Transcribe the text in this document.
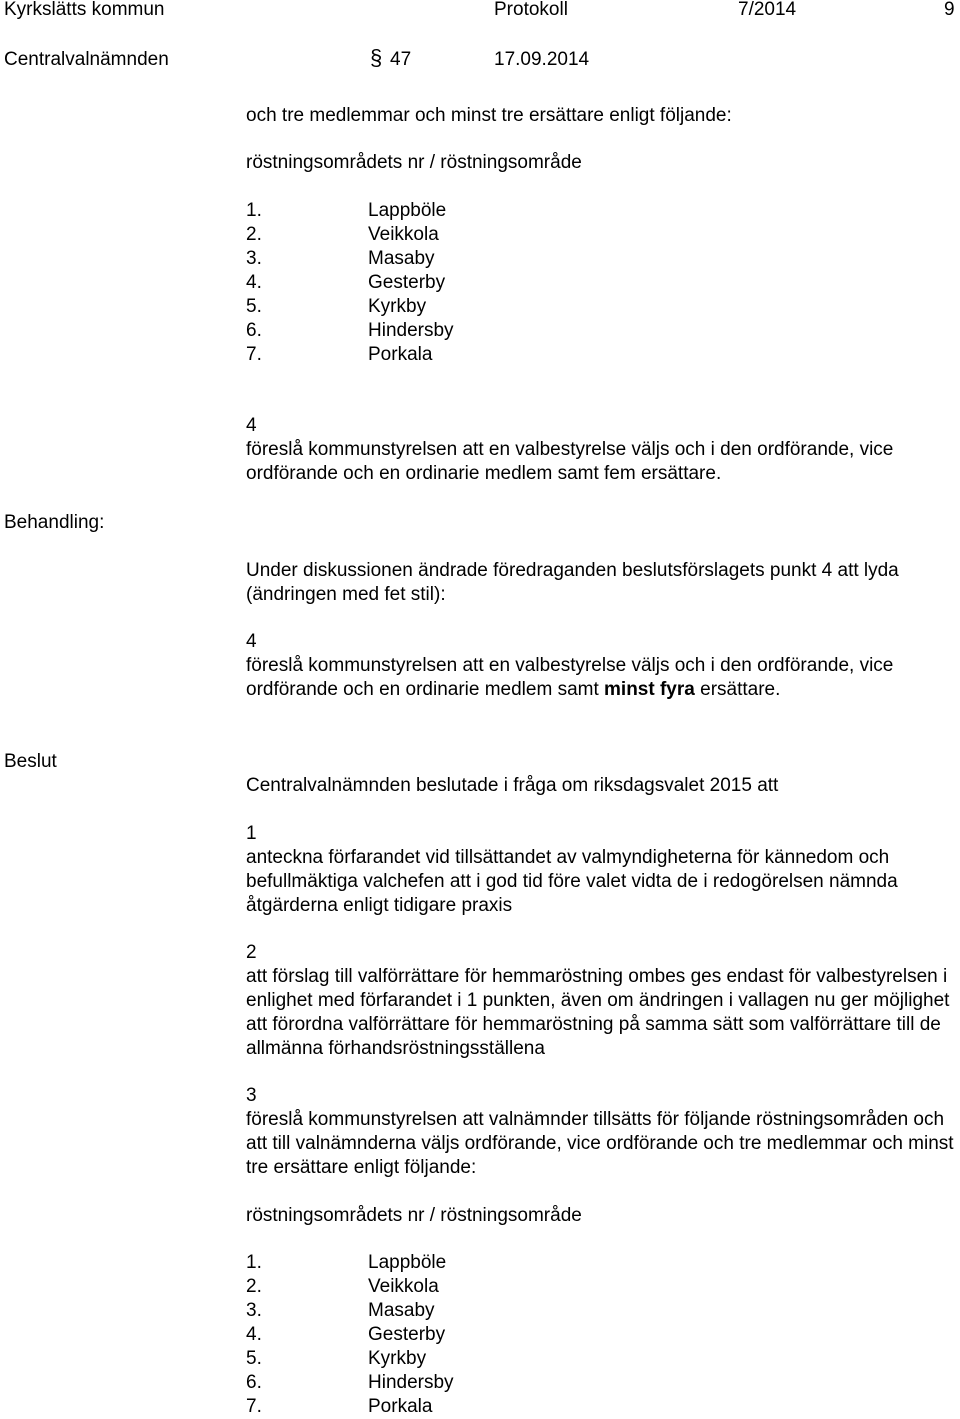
Kyrkslätts kommun	Protokoll	7/2014	9
Centralvalnämnden	§ 47	17.09.2014
och tre medlemmar och minst tre ersättare enligt följande:
röstningsområdets nr / röstningsområde
1.	Lappböle
2.	Veikkola
3.	Masaby
4.	Gesterby
5.	Kyrkby
6.	Hindersby
7.	Porkala
4
föreslå kommunstyrelsen att en valbestyrelse väljs och i den ordförande, vice ordförande och en ordinarie medlem samt fem ersättare.
Behandling:
Under diskussionen ändrade föredraganden beslutsförslagets punkt 4 att lyda (ändringen med fet stil):
4
föreslå kommunstyrelsen att en valbestyrelse väljs och i den ordförande, vice ordförande och en ordinarie medlem samt minst fyra ersättare.
Beslut
Centralvalnämnden beslutade i fråga om riksdagsvalet 2015 att
1
anteckna förfarandet vid tillsättandet av valmyndigheterna för kännedom och befullmäktiga valchefen att i god tid före valet vidta de i redogörelsen nämnda åtgärderna enligt tidigare praxis
2
att förslag till valförrättare för hemmaröstning ombes ges endast för valbestyrelsen i enlighet med förfarandet i 1 punkten, även om ändringen i vallagen nu ger möjlighet att förordna valförrättare för hemmaröstning på samma sätt som valförrättare till de allmänna förhandsröstningsställena
3
föreslå kommunstyrelsen att valnämnder tillsätts för följande röstningsområden och att till valnämnderna väljs ordförande, vice ordförande och tre medlemmar och minst tre ersättare enligt följande:
röstningsområdets nr / röstningsområde
1.	Lappböle
2.	Veikkola
3.	Masaby
4.	Gesterby
5.	Kyrkby
6.	Hindersby
7.	Porkala
